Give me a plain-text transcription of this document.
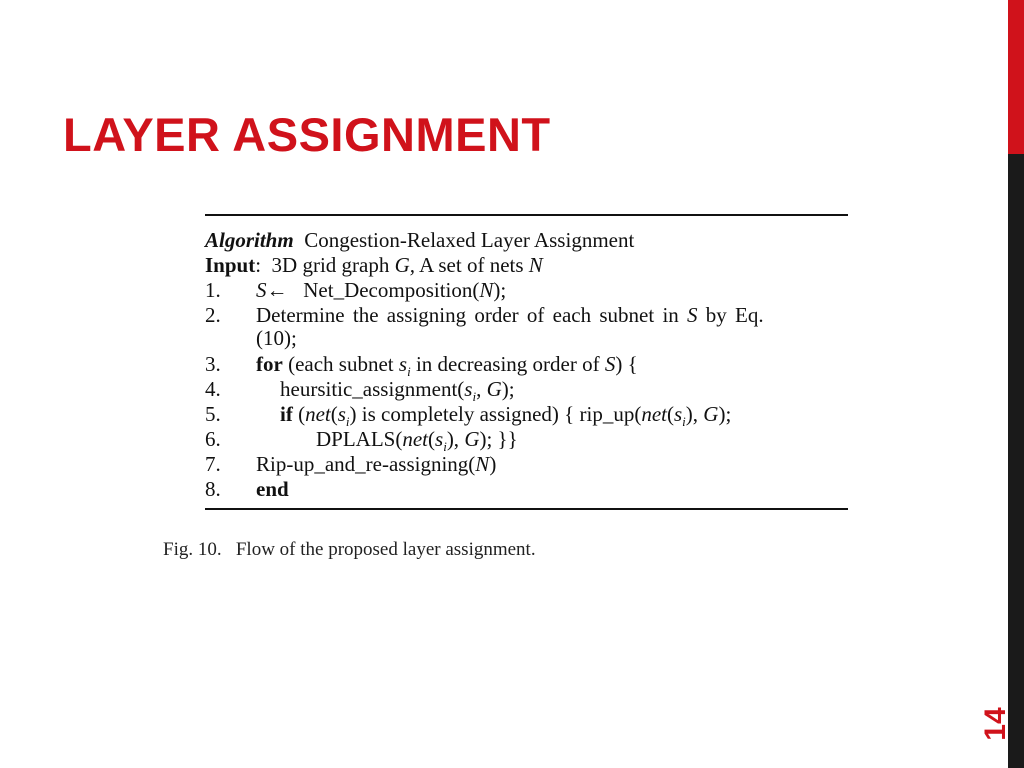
LAYER ASSIGNMENT
Algorithm Congestion-Relaxed Layer Assignment
Input: 3D grid graph G, A set of nets N
1. S← Net_Decomposition(N);
2. Determine the assigning order of each subnet in S by Eq.
(10);
3. for (each subnet $s_i$ in decreasing order of S) {
4.	$heursitic\_assignment(s_i$, G);
5.	if ($net(s_i)$ is completely assigned) { $rip\_up(net(s_i)$, G);
6.	$DPLALS(net(s_i)$, G); }}
7. Rip-up_and_re-assigning(N)
8. end

Fig. 10. Flow of the proposed layer assignment.

14
